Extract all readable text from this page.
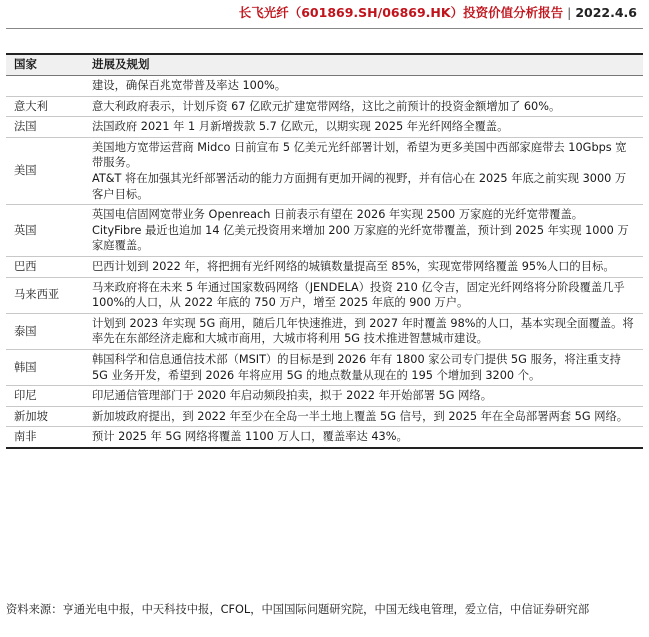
长飞光纤（601869.SH/06869.HK）投资价值分析报告 | 2022.4.6
国家	进展及规划

	建设，确保百兆宽带普及率达 100%。

意大利	意大利政府表示，计划斥资 67 亿欧元扩建宽带网络，这比之前预计的投资金额增加了 60%。

法国	法国政府 2021 年 1 月新增拨款 5.7 亿欧元，以期实现 2025 年光纤网络全覆盖。

美国	美国地方宽带运营商 Midco 日前宣布 5 亿美元光纤部署计划，希望为更多美国中西部家庭带去 10Gbps 宽带服务。
AT&T 将在加强其光纤部署活动的能力方面拥有更加开阔的视野，并有信心在 2025 年底之前实现 3000 万客户目标。

英国	英国电信固网宽带业务 Openreach 日前表示有望在 2026 年实现 2500 万家庭的光纤宽带覆盖。
CityFibre 最近也追加 14 亿美元投资用来增加 200 万家庭的光纤宽带覆盖，预计到 2025 年实现 1000 万家庭覆盖。

巴西	巴西计划到 2022 年，将把拥有光纤网络的城镇数量提高至 85%，实现宽带网络覆盖 95%人口的目标。

马来西亚	马来政府将在未来 5 年通过国家数码网络（JENDELA）投资 210 亿令吉，固定光纤网络将分阶段覆盖几乎 100%的人口，从 2022 年底的 750 万户，增至 2025 年底的 900 万户。

泰国	计划到 2023 年实现 5G 商用，随后几年快速推进，到 2027 年时覆盖 98%的人口，基本实现全面覆盖。将率先在东部经济走廊和大城市商用，大城市将利用 5G 技术推进智慧城市建设。

韩国	韩国科学和信息通信技术部（MSIT）的目标是到 2026 年有 1800 家公司专门提供 5G 服务，将注重支持 5G 业务开发，希望到 2026 年将应用 5G 的地点数量从现在的 195 个增加到 3200 个。

印尼	印尼通信管理部门于 2020 年启动频段拍卖，拟于 2022 年开始部署 5G 网络。

新加坡	新加坡政府提出，到 2022 年至少在全岛一半土地上覆盖 5G 信号，到 2025 年在全岛部署两套 5G 网络。

南非	预计 2025 年 5G 网络将覆盖 1100 万人口，覆盖率达 43%。
资料来源：亨通光电中报，中天科技中报，CFOL，中国国际问题研究院，中国无线电管理，爱立信，中信证券研究部
